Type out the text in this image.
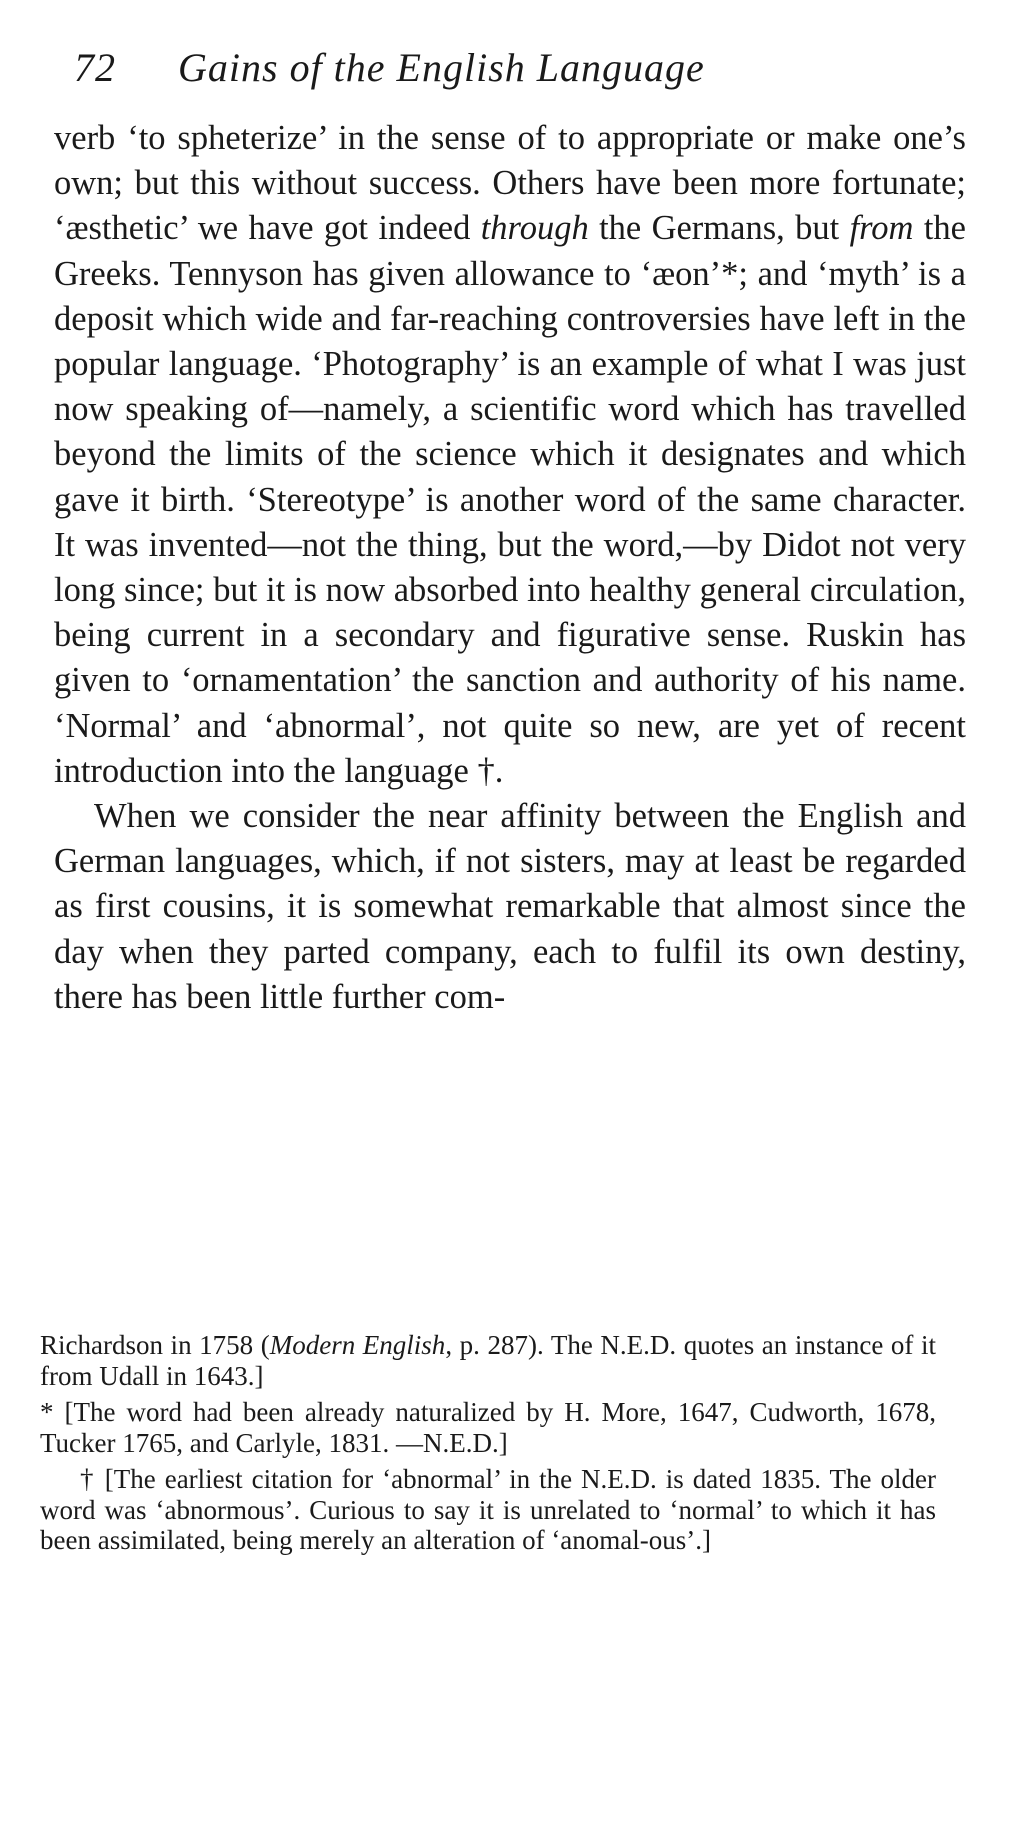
72 Gains of the English Language

verb ‘to spheterize’ in the sense of to appropriate or make one’s own; but this without success. Others have been more fortunate; ‘æsthetic’ we have got indeed through the Germans, but from the Greeks. Tennyson has given allowance to ‘æon’*; and ‘myth’ is a deposit which wide and far-reaching controversies have left in the popular language. ‘Photography’ is an example of what I was just now speaking of—namely, a scientific word which has travelled beyond the limits of the science which it designates and which gave it birth. ‘Stereotype’ is another word of the same character. It was invented—not the thing, but the word,—by Didot not very long since; but it is now absorbed into healthy general circulation, being current in a secondary and figurative sense. Ruskin has given to ‘ornamentation’ the sanction and authority of his name. ‘Normal’ and ‘abnormal’, not quite so new, are yet of recent introduction into the language †.

When we consider the near affinity between the English and German languages, which, if not sisters, may at least be regarded as first cousins, it is somewhat remarkable that almost since the day when they parted company, each to fulfil its own destiny, there has been little further com-

Richardson in 1758 (Modern English, p. 287). The N.E.D. quotes an instance of it from Udall in 1643.]

* [The word had been already naturalized by H. More, 1647, Cudworth, 1678, Tucker 1765, and Carlyle, 1831. —N.E.D.]

† [The earliest citation for ‘abnormal’ in the N.E.D. is dated 1835. The older word was ‘abnormous’. Curious to say it is unrelated to ‘normal’ to which it has been assimilated, being merely an alteration of ‘anomal-ous’.]
